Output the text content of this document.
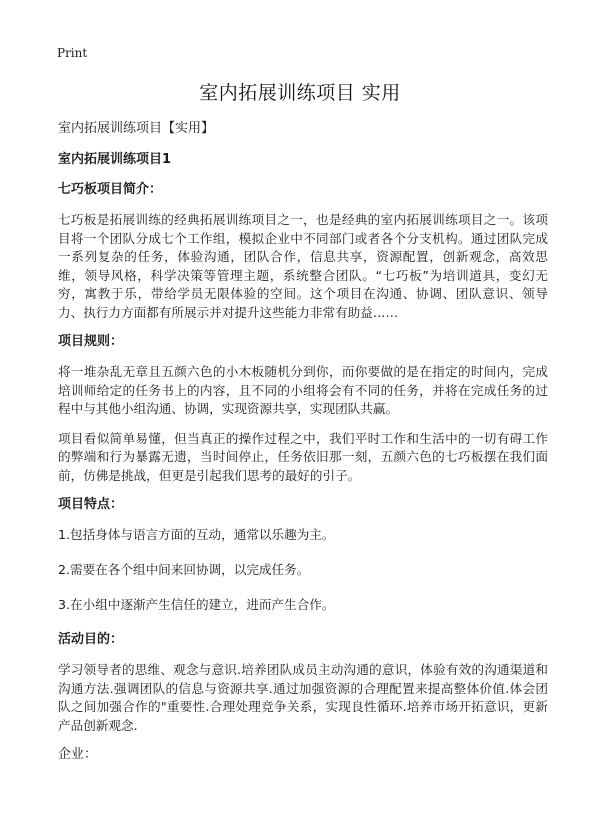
Print
室内拓展训练项目 实用
室内拓展训练项目【实用】
室内拓展训练项目1
七巧板项目简介：
七巧板是拓展训练的经典拓展训练项目之一，也是经典的室内拓展训练项目之一。该项目将一个团队分成七个工作组，模拟企业中不同部门或者各个分支机构。通过团队完成一系列复杂的任务，体验沟通，团队合作，信息共享，资源配置，创新观念，高效思维，领导风格，科学决策等管理主题，系统整合团队。“七巧板”为培训道具，变幻无穷，寓教于乐，带给学员无限体验的空间。这个项目在沟通、协调、团队意识、领导力、执行力方面都有所展示并对提升这些能力非常有助益……
项目规则：
将一堆杂乱无章且五颜六色的小木板随机分到你，而你要做的是在指定的时间内，完成培训师给定的任务书上的内容，且不同的小组将会有不同的任务，并将在完成任务的过程中与其他小组沟通、协调，实现资源共享，实现团队共赢。
项目看似简单易懂，但当真正的操作过程之中，我们平时工作和生活中的一切有碍工作的弊端和行为暴露无遗，当时间停止，任务依旧那一刻，五颜六色的七巧板摆在我们面前，仿佛是挑战，但更是引起我们思考的最好的引子。
项目特点：
1.包括身体与语言方面的互动，通常以乐趣为主。
2.需要在各个组中间来回协调，以完成任务。
3.在小组中逐渐产生信任的建立，进而产生合作。
活动目的：
学习领导者的思维、观念与意识.培养团队成员主动沟通的意识，体验有效的沟通渠道和沟通方法.强调团队的信息与资源共享.通过加强资源的合理配置来提高整体价值.体会团队之间加强合作的"重要性.合理处理竞争关系，实现良性循环.培养市场开拓意识，更新产品创新观念.
企业：
